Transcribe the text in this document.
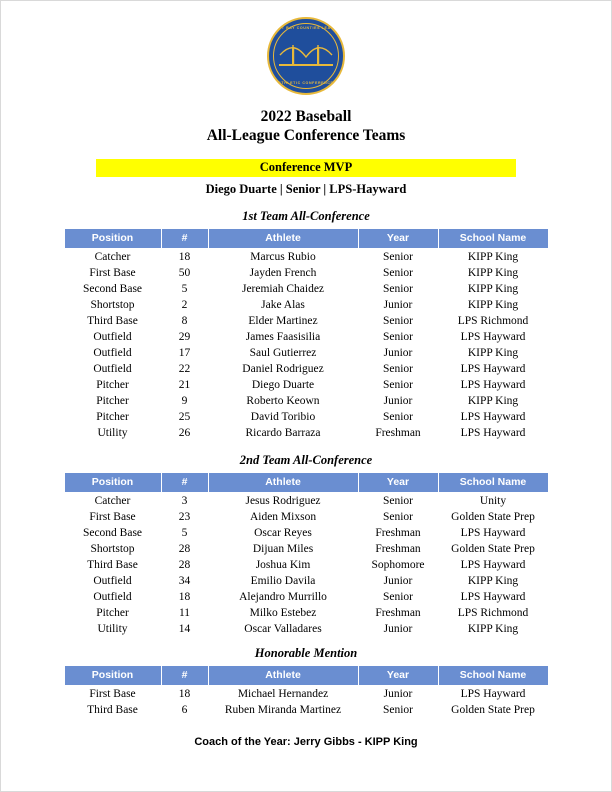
WEST BAY COUNTIES LEAGUE
ATHLETIC CONFERENCE
2022 Baseball
All-League Conference Teams
Conference MVP
Diego Duarte | Senior | LPS-Hayward
1st Team All-Conference
Position	#	Athlete	Year	School Name
Catcher	18	Marcus Rubio	Senior	KIPP King
First Base	50	Jayden French	Senior	KIPP King
Second Base	5	Jeremiah Chaidez	Senior	KIPP King
Shortstop	2	Jake Alas	Junior	KIPP King
Third Base	8	Elder Martinez	Senior	LPS Richmond
Outfield	29	James Faasisilia	Senior	LPS Hayward
Outfield	17	Saul Gutierrez	Junior	KIPP King
Outfield	22	Daniel Rodriguez	Senior	LPS Hayward
Pitcher	21	Diego Duarte	Senior	LPS Hayward
Pitcher	9	Roberto Keown	Junior	KIPP King
Pitcher	25	David Toribio	Senior	LPS Hayward
Utility	26	Ricardo Barraza	Freshman	LPS Hayward
2nd Team All-Conference
Position	#	Athlete	Year	School Name
Catcher	3	Jesus Rodriguez	Senior	Unity
First Base	23	Aiden Mixson	Senior	Golden State Prep
Second Base	5	Oscar Reyes	Freshman	LPS Hayward
Shortstop	28	Dijuan Miles	Freshman	Golden State Prep
Third Base	28	Joshua Kim	Sophomore	LPS Hayward
Outfield	34	Emilio Davila	Junior	KIPP King
Outfield	18	Alejandro Murrillo	Senior	LPS Hayward
Pitcher	11	Milko Estebez	Freshman	LPS Richmond
Utility	14	Oscar Valladares	Junior	KIPP King
Honorable Mention
Position	#	Athlete	Year	School Name
First Base	18	Michael Hernandez	Junior	LPS Hayward
Third Base	6	Ruben Miranda Martinez	Senior	Golden State Prep
Coach of the Year: Jerry Gibbs - KIPP King
